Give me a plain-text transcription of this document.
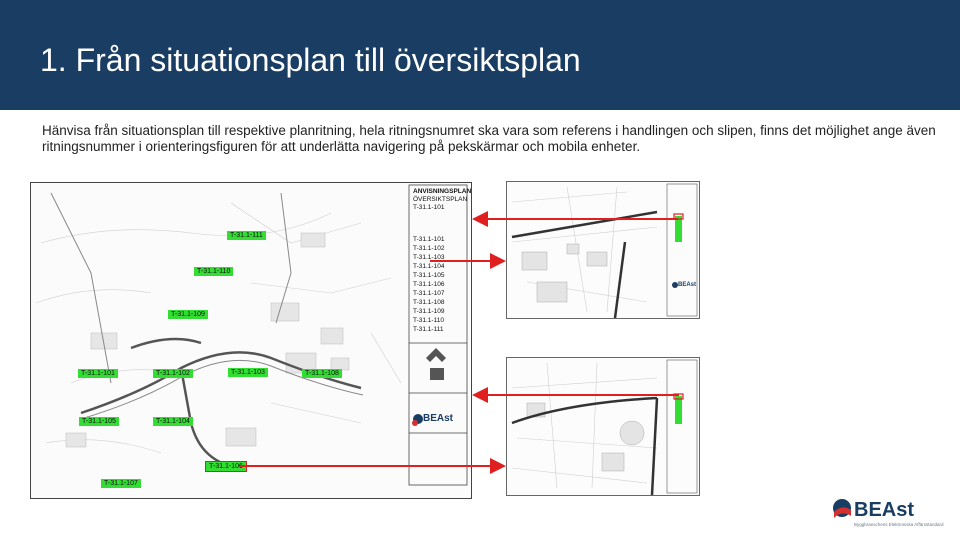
1. Från situationsplan till översiktsplan

Hänvisa från situationsplan till respektive planritning, hela ritningsnumret ska vara som referens i handlingen och slipen, finns det möjlighet ange även ritningsnummer i orienteringsfiguren för att underlätta navigering på pekskärmar och mobila enheter.

ANVISNINGSPLAN
ÖVERSIKTSPLAN
T-31.1-101
T-31.1-101
T-31.1-102
T-31.1-103
T-31.1-104
T-31.1-105
T-31.1-106
T-31.1-107
T-31.1-108
T-31.1-109
T-31.1-110
T-31.1-111
BEAst
T-31.1-111
T-31.1-110
T-31.1-109
T-31.1-101	T-31.1-102	T-31.1-103	T-31.1-108
T-31.1-105	T-31.1-104
T-31.1-106
T-31.1-107
BEAst
BEAst
Byggbranschens Elektroniska Affärsstandard
